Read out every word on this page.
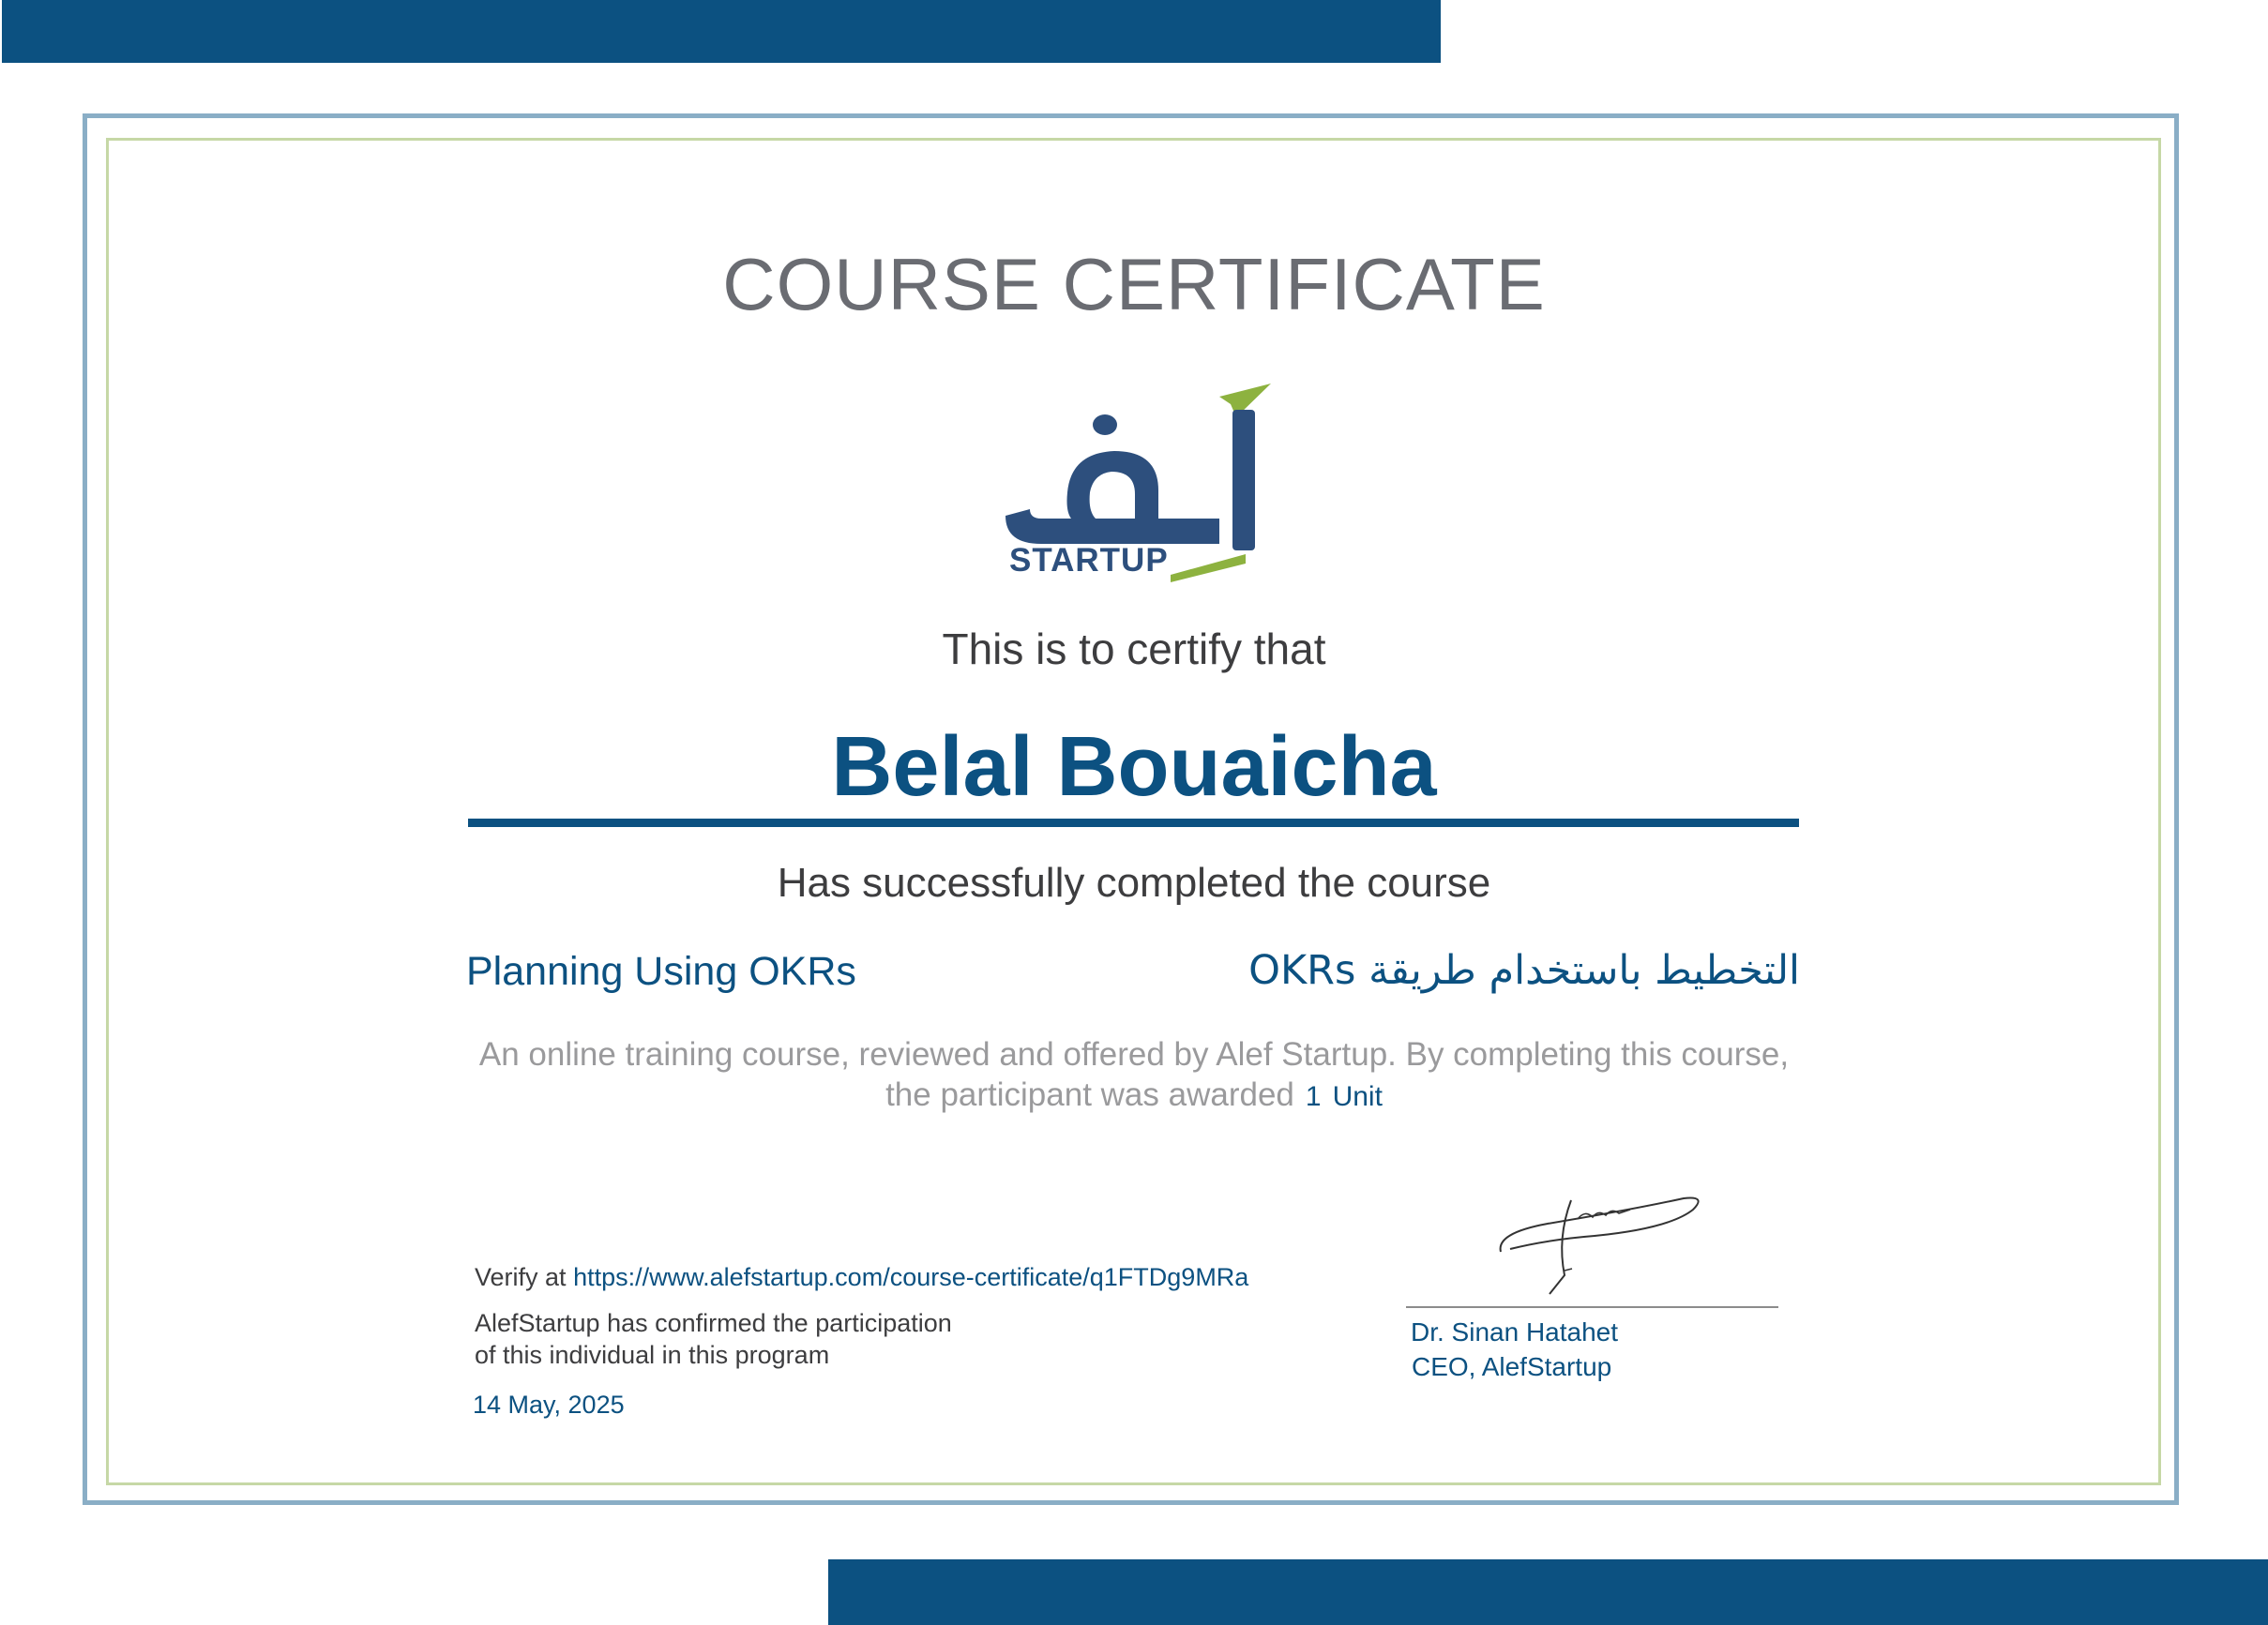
COURSE CERTIFICATE
STARTUP
This is to certify that
Belal Bouaicha
Has successfully completed the course
Planning Using OKRs	التخطيط باستخدام طريقة OKRs
An online training course, reviewed and offered by Alef Startup. By completing this course,
the participant was awarded 1 Unit
Verify at https://www.alefstartup.com/course-certificate/q1FTDg9MRa
AlefStartup has confirmed the participation
of this individual in this program
14 May, 2025
Dr. Sinan Hatahet
CEO, AlefStartup
